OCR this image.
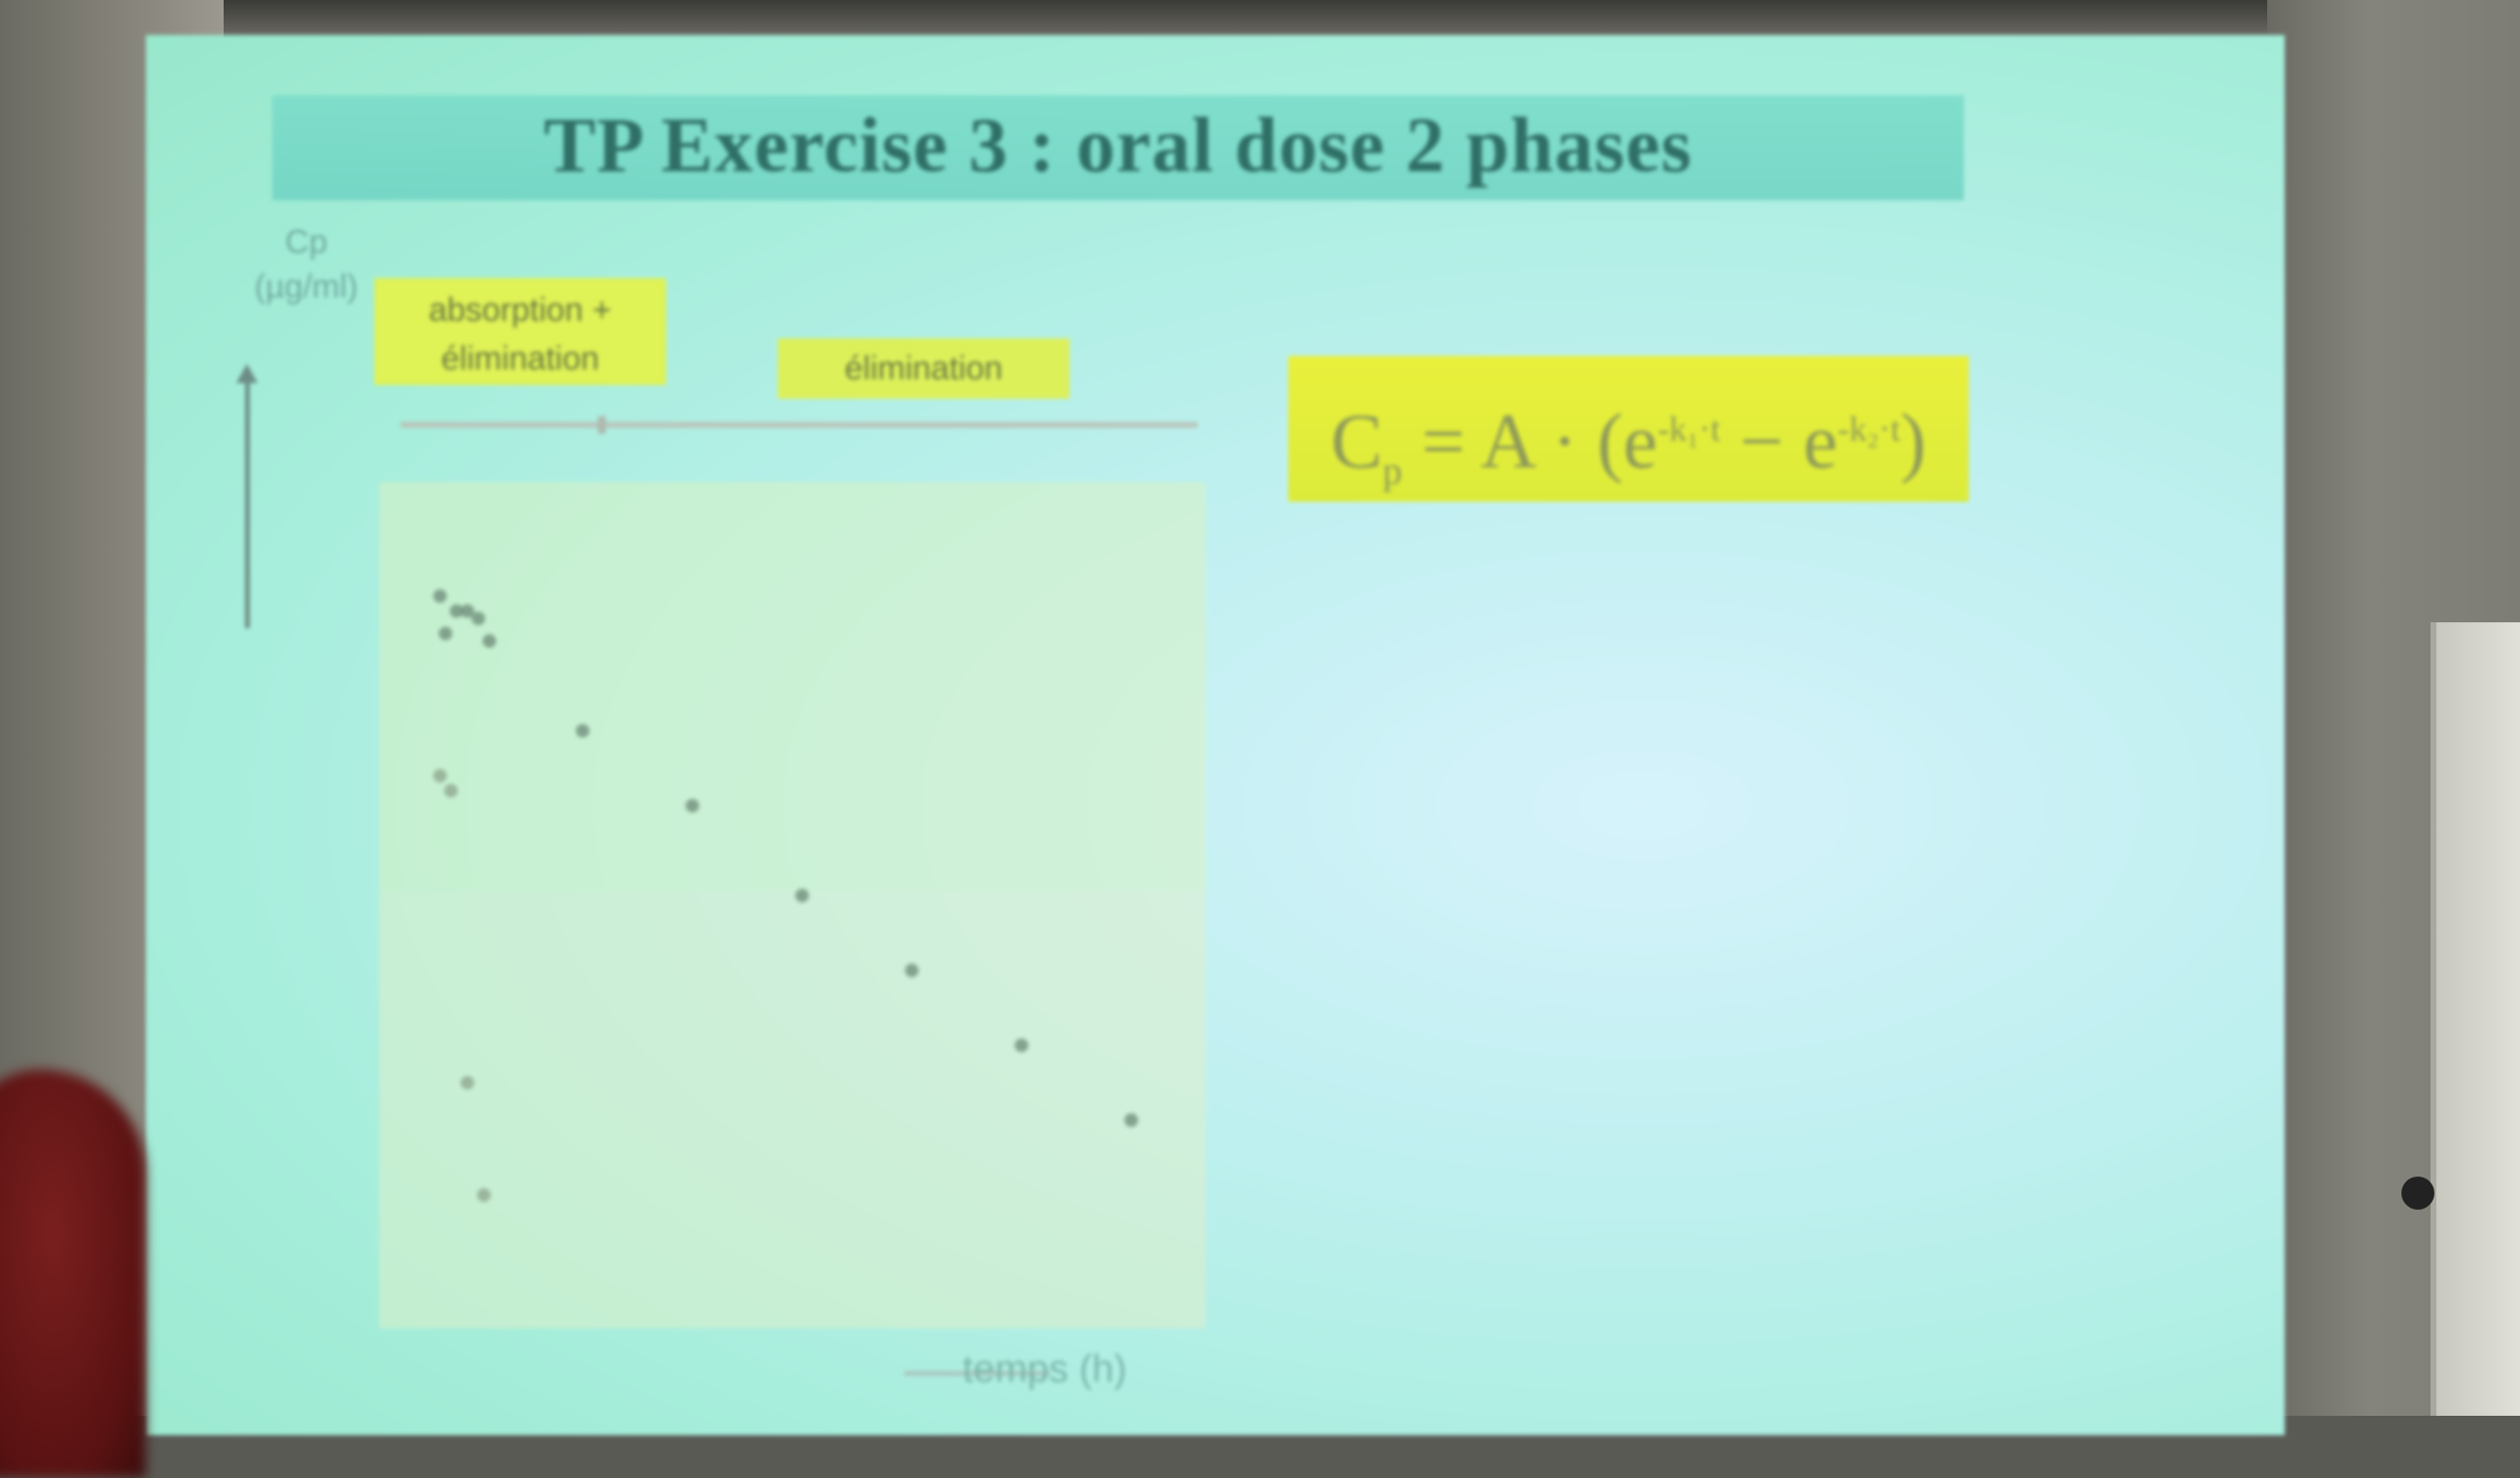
TP Exercise 3 : oral dose 2 phases
Cp
(µg/ml)
absorption +
élimination	élimination
$C_p = A \cdot (e^{-k_1\cdot t} - e^{-k_2\cdot t})$
temps (h)
